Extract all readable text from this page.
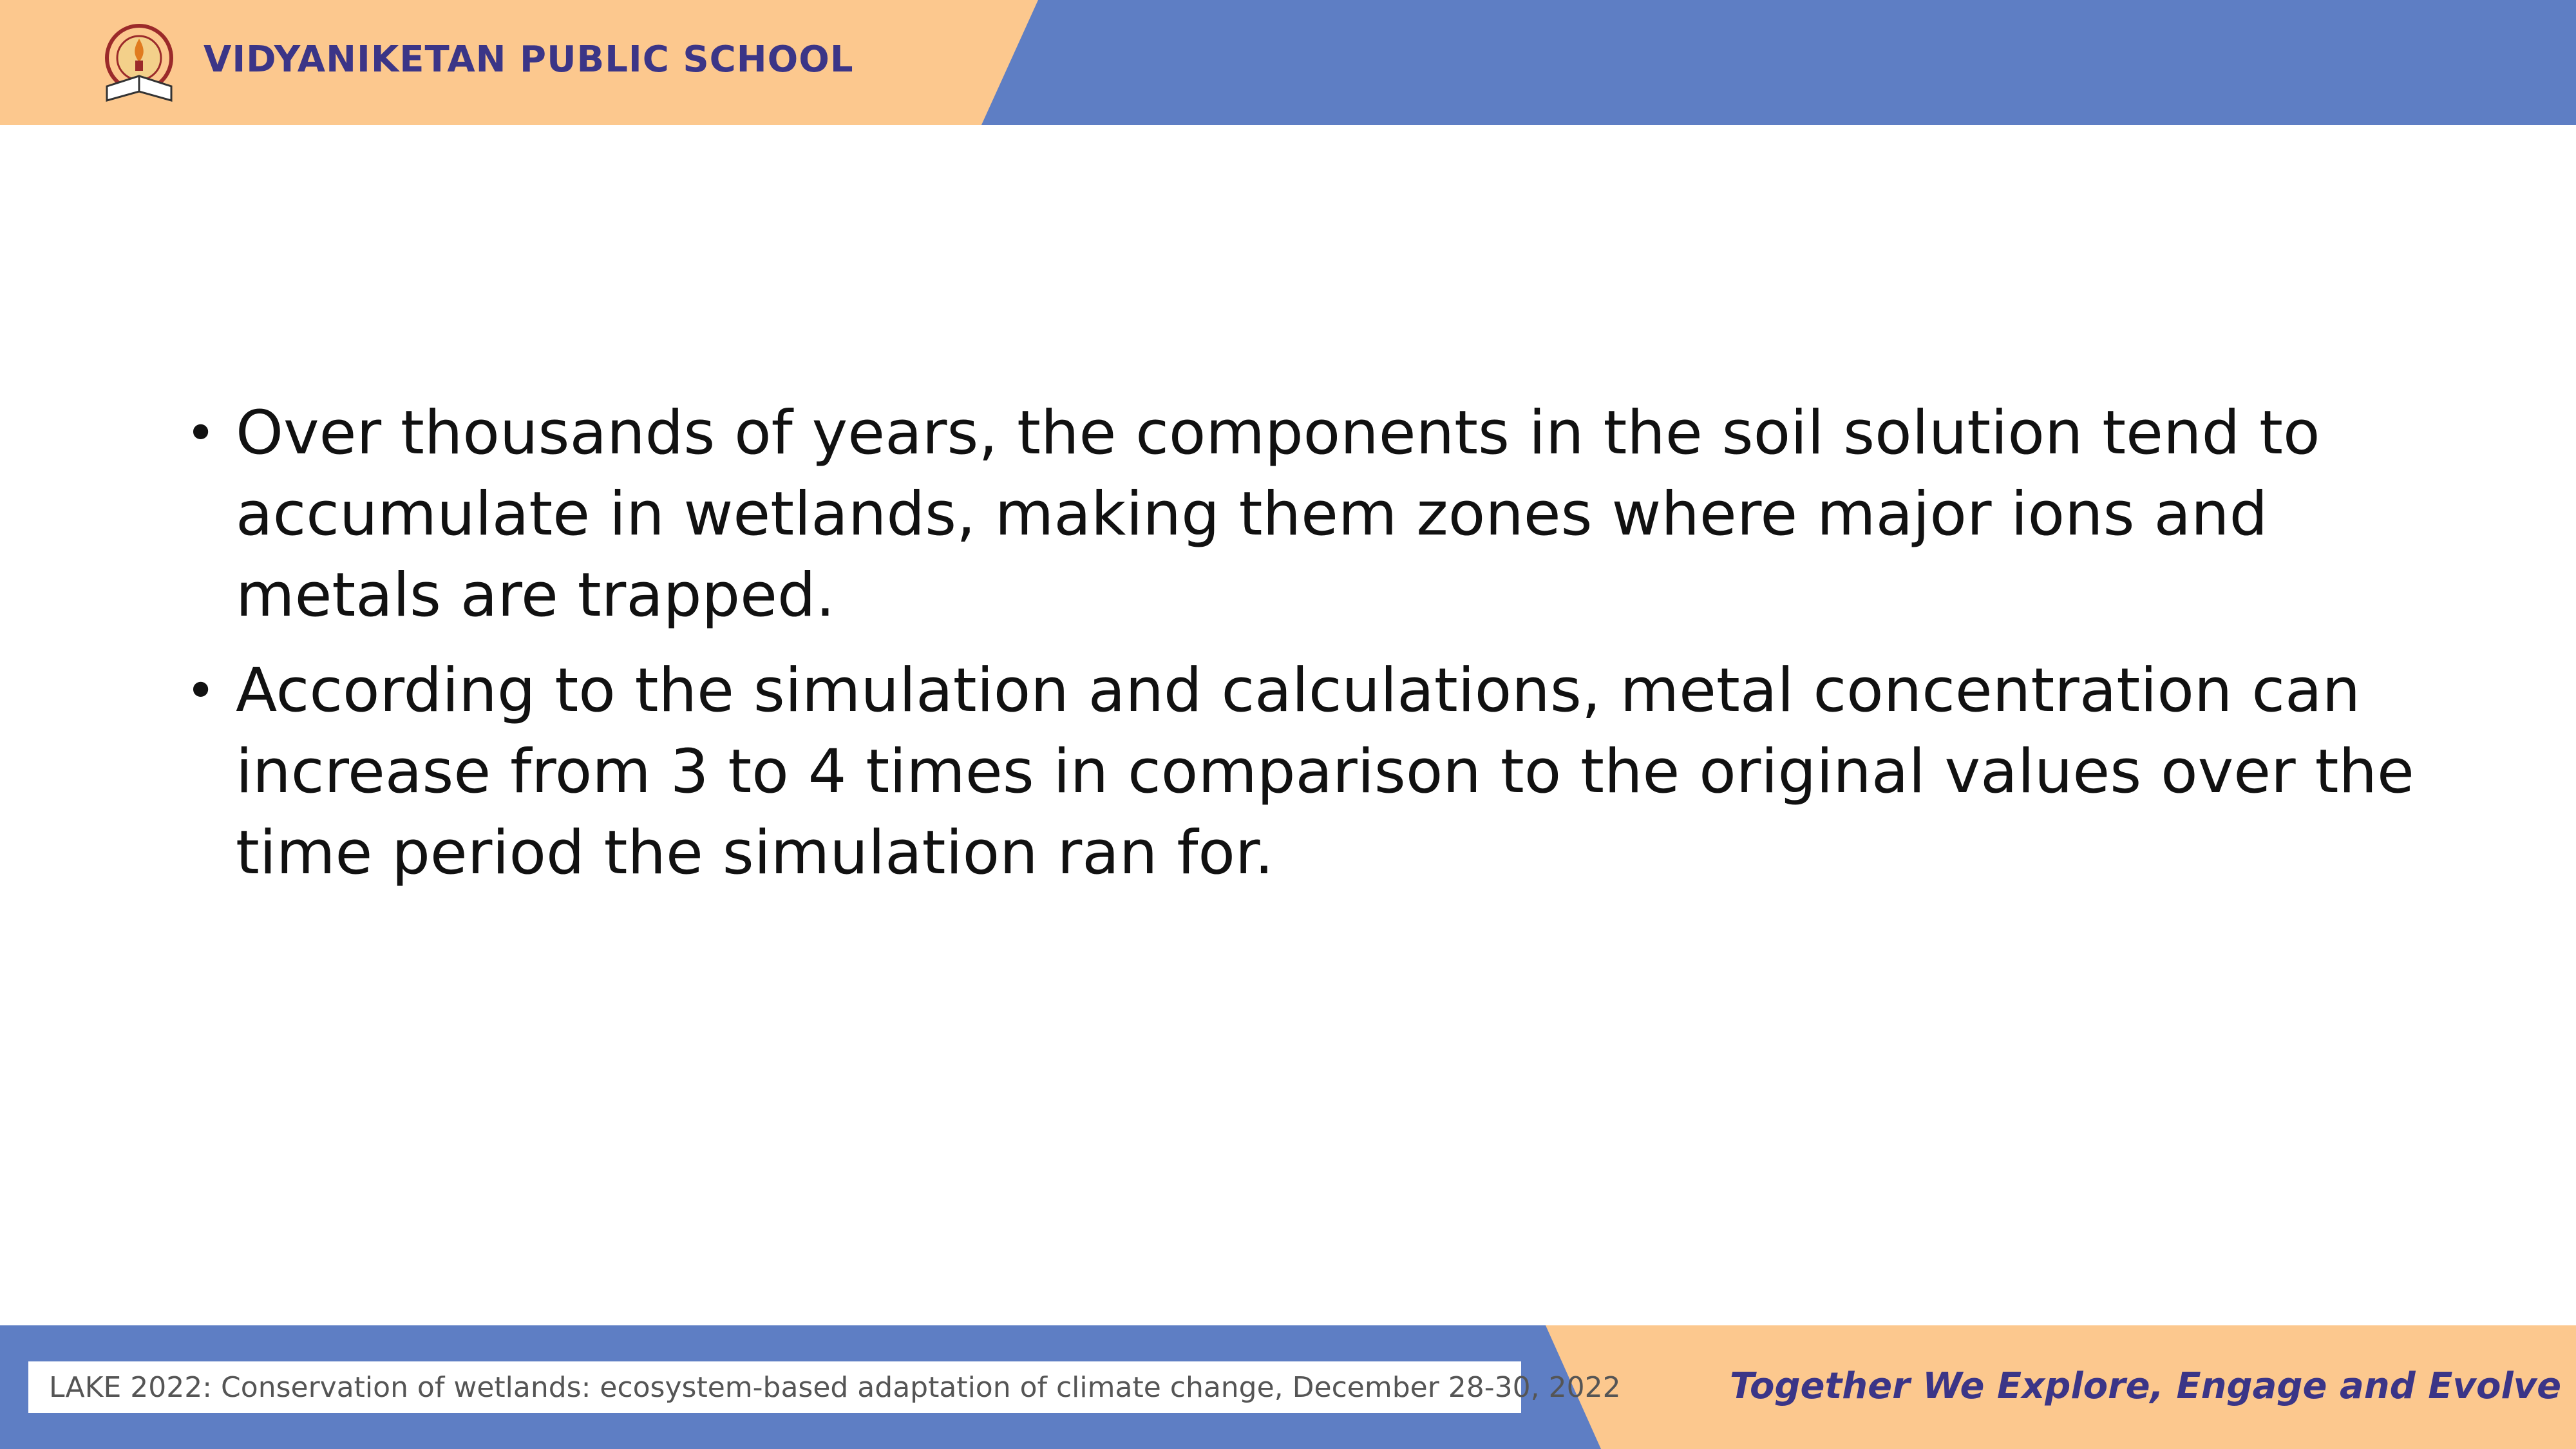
VIDYANIKETAN PUBLIC SCHOOL
• Over thousands of years, the components in the soil solution tend to accumulate in wetlands, making them zones where major ions and metals are trapped.
• According to the simulation and calculations, metal concentration can increase from 3 to 4 times in comparison to the original values over the time period the simulation ran for.
LAKE 2022: Conservation of wetlands: ecosystem-based adaptation of climate change, December 28-30, 2022	Together We Explore, Engage and Evolve
